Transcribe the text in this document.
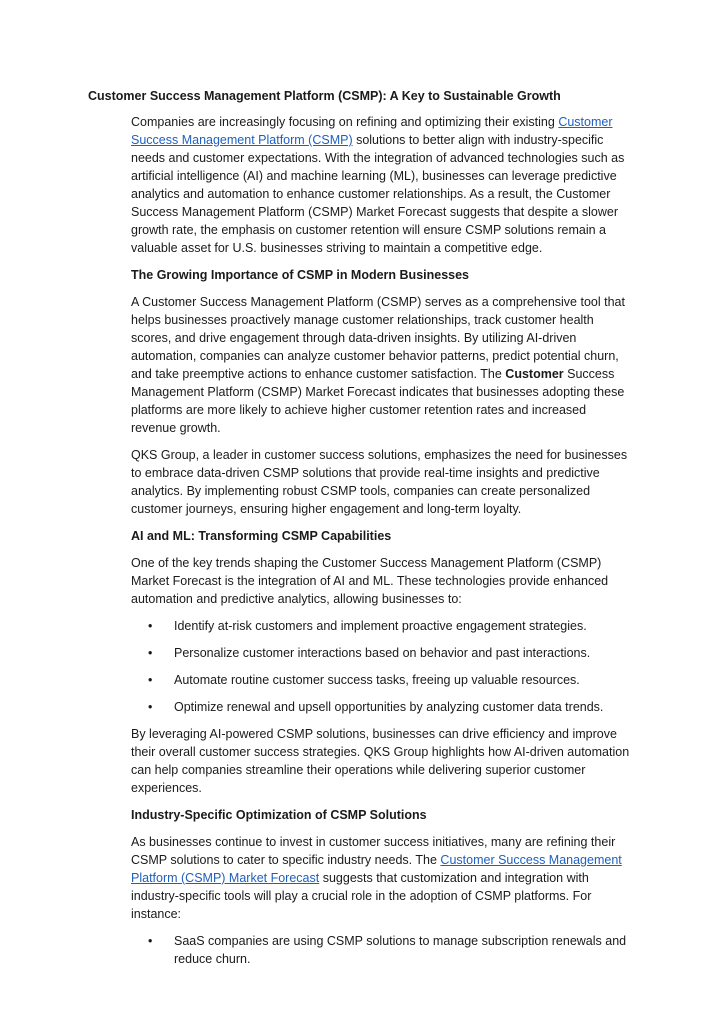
Customer Success Management Platform (CSMP): A Key to Sustainable Growth

Companies are increasingly focusing on refining and optimizing their existing Customer Success Management Platform (CSMP) solutions to better align with industry-specific needs and customer expectations. With the integration of advanced technologies such as artificial intelligence (AI) and machine learning (ML), businesses can leverage predictive analytics and automation to enhance customer relationships. As a result, the Customer Success Management Platform (CSMP) Market Forecast suggests that despite a slower growth rate, the emphasis on customer retention will ensure CSMP solutions remain a valuable asset for U.S. businesses striving to maintain a competitive edge.

The Growing Importance of CSMP in Modern Businesses

A Customer Success Management Platform (CSMP) serves as a comprehensive tool that helps businesses proactively manage customer relationships, track customer health scores, and drive engagement through data-driven insights. By utilizing AI-driven automation, companies can analyze customer behavior patterns, predict potential churn, and take preemptive actions to enhance customer satisfaction. The Customer Success Management Platform (CSMP) Market Forecast indicates that businesses adopting these platforms are more likely to achieve higher customer retention rates and increased revenue growth.

QKS Group, a leader in customer success solutions, emphasizes the need for businesses to embrace data-driven CSMP solutions that provide real-time insights and predictive analytics. By implementing robust CSMP tools, companies can create personalized customer journeys, ensuring higher engagement and long-term loyalty.

AI and ML: Transforming CSMP Capabilities

One of the key trends shaping the Customer Success Management Platform (CSMP) Market Forecast is the integration of AI and ML. These technologies provide enhanced automation and predictive analytics, allowing businesses to:

• Identify at-risk customers and implement proactive engagement strategies.
• Personalize customer interactions based on behavior and past interactions.
• Automate routine customer success tasks, freeing up valuable resources.
• Optimize renewal and upsell opportunities by analyzing customer data trends.

By leveraging AI-powered CSMP solutions, businesses can drive efficiency and improve their overall customer success strategies. QKS Group highlights how AI-driven automation can help companies streamline their operations while delivering superior customer experiences.

Industry-Specific Optimization of CSMP Solutions

As businesses continue to invest in customer success initiatives, many are refining their CSMP solutions to cater to specific industry needs. The Customer Success Management Platform (CSMP) Market Forecast suggests that customization and integration with industry-specific tools will play a crucial role in the adoption of CSMP platforms. For instance:

• SaaS companies are using CSMP solutions to manage subscription renewals and reduce churn.
